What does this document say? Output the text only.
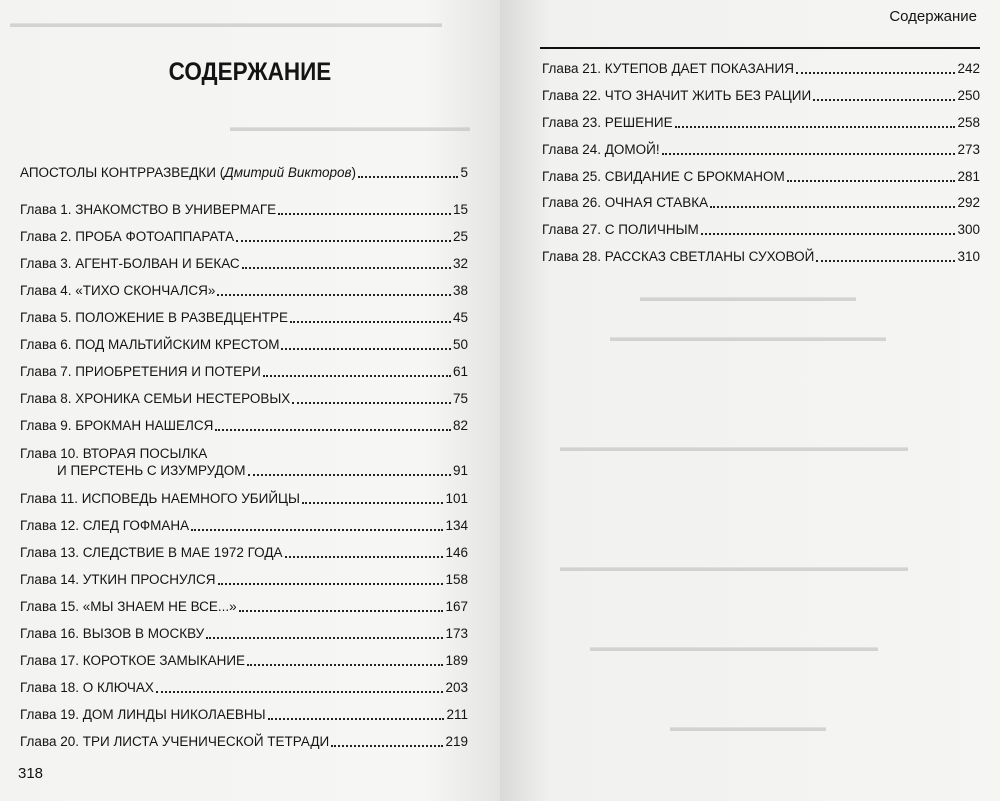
▬▬▬▬▬▬▬▬▬▬▬▬▬▬▬▬▬▬▬▬▬▬▬▬▬▬▬▬▬▬▬▬▬▬▬▬
▬▬▬▬▬▬▬▬▬▬▬▬▬▬▬▬▬▬▬▬
СОДЕРЖАНИЕ
АПОСТОЛЫ КОНТРРАЗВЕДКИ (Дмитрий Викторов)	5
Глава 1. ЗНАКОМСТВО В УНИВЕРМАГЕ	15
Глава 2. ПРОБА ФОТОАППАРАТА	25
Глава 3. АГЕНТ-БОЛВАН И БЕКАС	32
Глава 4. «ТИХО СКОНЧАЛСЯ»	38
Глава 5. ПОЛОЖЕНИЕ В РАЗВЕДЦЕНТРЕ	45
Глава 6. ПОД МАЛЬТИЙСКИМ КРЕСТОМ	50
Глава 7. ПРИОБРЕТЕНИЯ И ПОТЕРИ	61
Глава 8. ХРОНИКА СЕМЬИ НЕСТЕРОВЫХ	75
Глава 9. БРОКМАН НАШЕЛСЯ	82
Глава 10. ВТОРАЯ ПОСЫЛКА
И ПЕРСТЕНЬ С ИЗУМРУДОМ	91
Глава 11. ИСПОВЕДЬ НАЕМНОГО УБИЙЦЫ	101
Глава 12. СЛЕД ГОФМАНА	134
Глава 13. СЛЕДСТВИЕ В МАЕ 1972 ГОДА	146
Глава 14. УТКИН ПРОСНУЛСЯ	158
Глава 15. «МЫ ЗНАЕМ НЕ ВСЕ...»	167
Глава 16. ВЫЗОВ В МОСКВУ	173
Глава 17. КОРОТКОЕ ЗАМЫКАНИЕ	189
Глава 18. О КЛЮЧАХ	203
Глава 19. ДОМ ЛИНДЫ НИКОЛАЕВНЫ	211
Глава 20. ТРИ ЛИСТА УЧЕНИЧЕСКОЙ ТЕТРАДИ	219
318
▬▬▬▬▬▬▬▬▬▬▬▬▬▬▬▬▬▬
▬▬▬▬▬▬▬▬▬▬▬▬▬▬▬▬▬▬▬▬▬▬▬
▬▬▬▬▬▬▬▬▬▬▬▬▬▬▬▬▬▬▬▬▬▬▬▬▬▬▬▬▬
▬▬▬▬▬▬▬▬▬▬▬▬▬▬▬▬▬▬▬▬▬▬▬▬▬▬▬▬▬
▬▬▬▬▬▬▬▬▬▬▬▬▬▬▬▬▬▬▬▬▬▬▬▬
▬▬▬▬▬▬▬▬▬▬▬▬▬
Содержание
Глава 21. КУТЕПОВ ДАЕТ ПОКАЗАНИЯ	242
Глава 22. ЧТО ЗНАЧИТ ЖИТЬ БЕЗ РАЦИИ	250
Глава 23. РЕШЕНИЕ	258
Глава 24. ДОМОЙ!	273
Глава 25. СВИДАНИЕ С БРОКМАНОМ	281
Глава 26. ОЧНАЯ СТАВКА	292
Глава 27. С ПОЛИЧНЫМ	300
Глава 28. РАССКАЗ СВЕТЛАНЫ СУХОВОЙ	310
